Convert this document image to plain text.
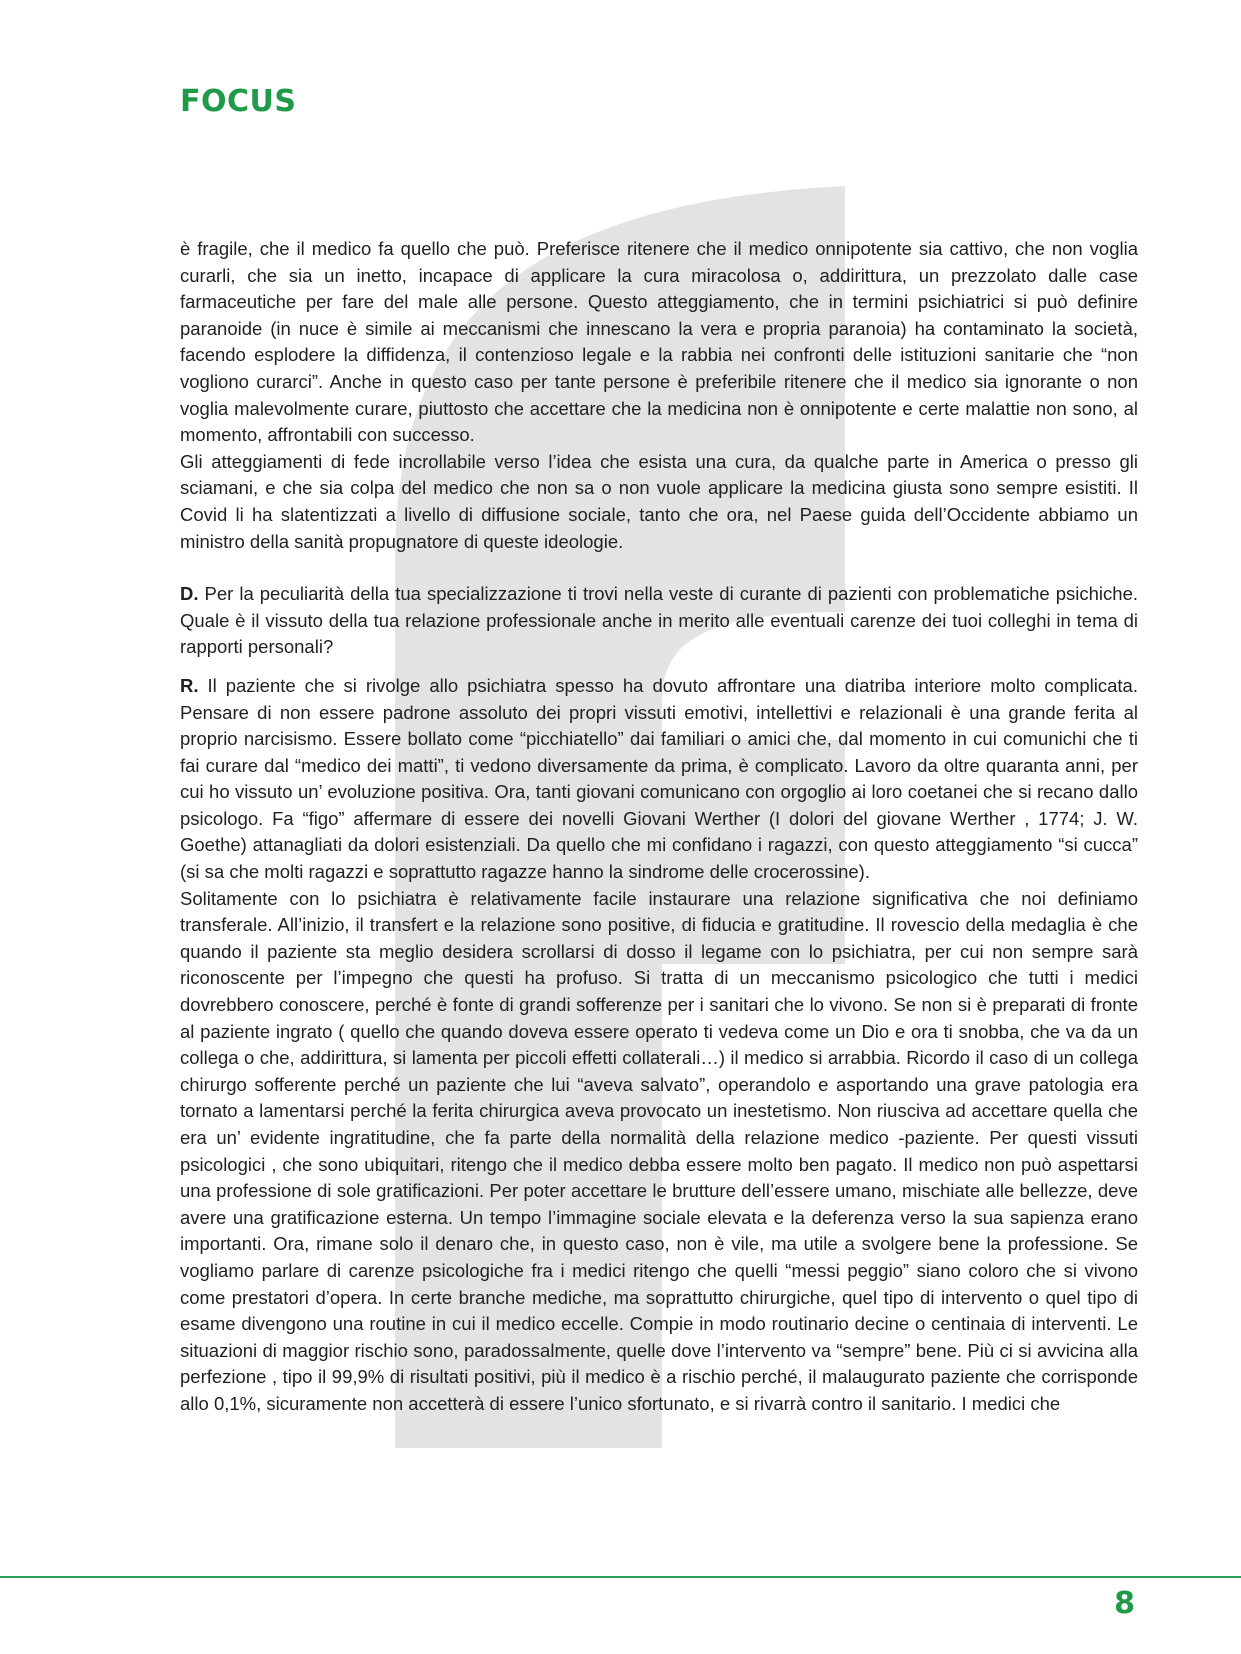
FOCUS

è fragile, che il medico fa quello che può. Preferisce ritenere che il medico onnipotente sia cattivo, che non voglia curarli, che sia un inetto, incapace di applicare la cura miracolosa o, addirittura, un prezzolato dalle case farmaceutiche per fare del male alle persone. Questo atteggiamento, che in termini psichiatrici si può definire paranoide (in nuce è simile ai meccanismi che innescano la vera e propria paranoia) ha contaminato la società, facendo esplodere la diffidenza, il contenzioso legale e la rabbia nei confronti delle istituzioni sanitarie che “non vogliono curarci”. Anche in questo caso per tante persone è preferibile ritenere che il medico sia ignorante o non voglia malevolmente curare, piuttosto che accettare che la medicina non è onnipotente e certe malattie non sono, al momento, affrontabili con successo.

Gli atteggiamenti di fede incrollabile verso l’idea che esista una cura, da qualche parte in America o presso gli sciamani, e che sia colpa del medico che non sa o non vuole applicare la medicina giusta sono sempre esistiti. Il Covid li ha slatentizzati a livello di diffusione sociale, tanto che ora, nel Paese guida dell’Occidente abbiamo un ministro della sanità propugnatore di queste ideologie.

D. Per la peculiarità della tua specializzazione ti trovi nella veste di curante di pazienti con problematiche psichiche. Quale è il vissuto della tua relazione professionale anche in merito alle eventuali carenze dei tuoi colleghi in tema di rapporti personali?

R. Il paziente che si rivolge allo psichiatra spesso ha dovuto affrontare una diatriba interiore molto complicata. Pensare di non essere padrone assoluto dei propri vissuti emotivi, intellettivi e relazionali è una grande ferita al proprio narcisismo. Essere bollato come “picchiatello” dai familiari o amici che, dal momento in cui comunichi che ti fai curare dal “medico dei matti”, ti vedono diversamente da prima, è complicato. Lavoro da oltre quaranta anni, per cui ho vissuto un’ evoluzione positiva. Ora, tanti giovani comunicano con orgoglio ai loro coetanei che si recano dallo psicologo. Fa “figo” affermare di essere dei novelli Giovani Werther (I dolori del giovane Werther , 1774; J. W. Goethe) attanagliati da dolori esistenziali. Da quello che mi confidano i ragazzi, con questo atteggiamento “si cucca” (si sa che molti ragazzi e soprattutto ragazze hanno la sindrome delle crocerossine).

Solitamente con lo psichiatra è relativamente facile instaurare una relazione significativa che noi definiamo transferale. All’inizio, il transfert e la relazione sono positive, di fiducia e gratitudine. Il rovescio della medaglia è che quando il paziente sta meglio desidera scrollarsi di dosso il legame con lo psichiatra, per cui non sempre sarà riconoscente per l’impegno che questi ha profuso. Si tratta di un meccanismo psicologico che tutti i medici dovrebbero conoscere, perché è fonte di grandi sofferenze per i sanitari che lo vivono. Se non si è preparati di fronte al paziente ingrato ( quello che quando doveva essere operato ti vedeva come un Dio e ora ti snobba, che va da un collega o che, addirittura, si lamenta per piccoli effetti collaterali…) il medico si arrabbia. Ricordo il caso di un collega chirurgo sofferente perché un paziente che lui “aveva salvato”, operandolo e asportando una grave patologia era tornato a lamentarsi perché la ferita chirurgica aveva provocato un inestetismo. Non riusciva ad accettare quella che era un’ evidente ingratitudine, che fa parte della normalità della relazione medico -paziente. Per questi vissuti psicologici , che sono ubiquitari, ritengo che il medico debba essere molto ben pagato. Il medico non può aspettarsi una professione di sole gratificazioni. Per poter accettare le brutture dell’essere umano, mischiate alle bellezze, deve avere una gratificazione esterna. Un tempo l’immagine sociale elevata e la deferenza verso la sua sapienza erano importanti. Ora, rimane solo il denaro che, in questo caso, non è vile, ma utile a svolgere bene la professione. Se vogliamo parlare di carenze psicologiche fra i medici ritengo che quelli “messi peggio” siano coloro che si vivono come prestatori d’opera. In certe branche mediche, ma soprattutto chirurgiche, quel tipo di intervento o quel tipo di esame divengono una routine in cui il medico eccelle. Compie in modo routinario decine o centinaia di interventi. Le situazioni di maggior rischio sono, paradossalmente, quelle dove l’intervento va “sempre” bene. Più ci si avvicina alla perfezione , tipo il 99,9% di risultati positivi, più il medico è a rischio perché, il malaugurato paziente che corrisponde allo 0,1%, sicuramente non accetterà di essere l’unico sfortunato, e si rivarrà contro il sanitario. I medici che

8
